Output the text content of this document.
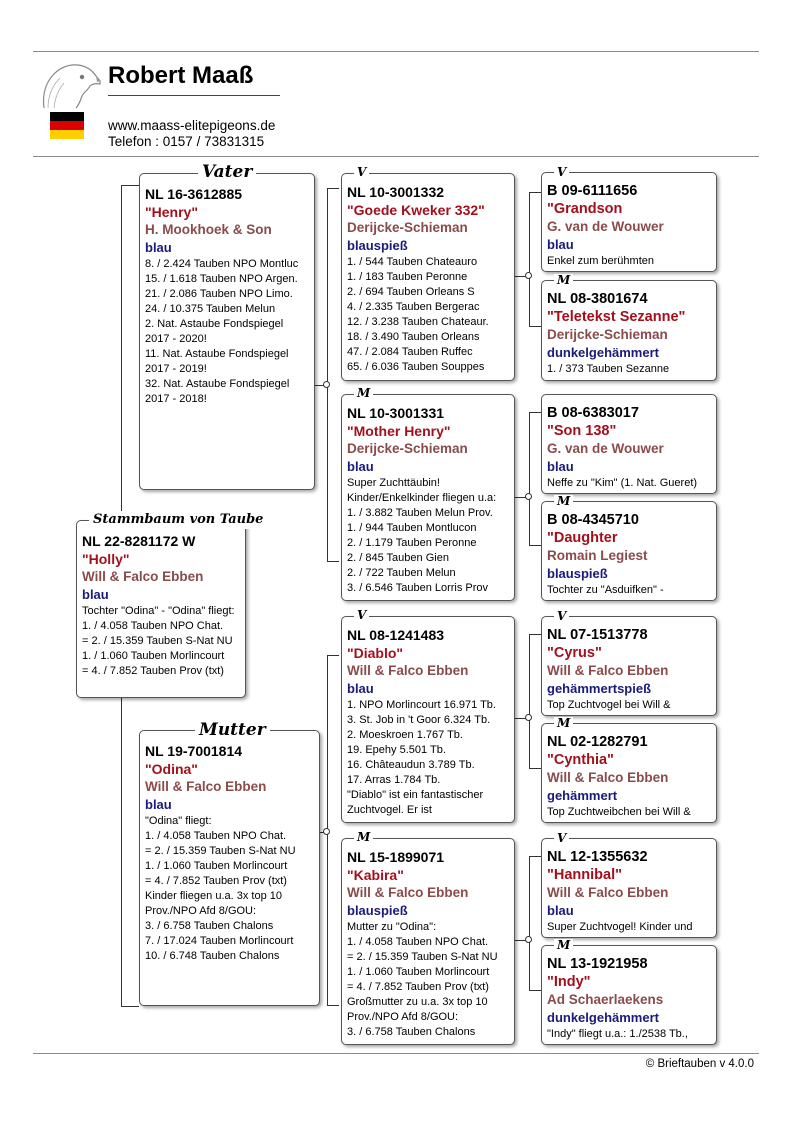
Robert Maaß
www.maass-elitepigeons.de
Telefon : 0157 / 73831315
NL 22-8281172 W
"Holly"
Will & Falco Ebben
blau
Tochter "Odina" - "Odina" fliegt:
1. / 4.058 Tauben NPO Chat.
= 2. / 15.359 Tauben S-Nat NU
1. / 1.060 Tauben Morlincourt
= 4. / 7.852 Tauben Prov (txt)
Stammbaum von Taube
NL 16-3612885
"Henry"
H. Mookhoek & Son
blau
8. / 2.424 Tauben NPO Montluc
15. / 1.618 Tauben NPO Argen.
21. / 2.086 Tauben NPO Limo.
24. / 10.375 Tauben Melun
2. Nat. Astaube Fondspiegel
2017 - 2020!
11. Nat. Astaube Fondspiegel
2017 - 2019!
32. Nat. Astaube Fondspiegel
2017 - 2018!
Vater
NL 19-7001814
"Odina"
Will & Falco Ebben
blau
"Odina" fliegt:
1. / 4.058 Tauben NPO Chat.
= 2. / 15.359 Tauben S-Nat NU
1. / 1.060 Tauben Morlincourt
= 4. / 7.852 Tauben Prov (txt)
Kinder fliegen u.a. 3x top 10
Prov./NPO Afd 8/GOU:
3. / 6.758 Tauben Chalons
7. / 17.024 Tauben Morlincourt
10. / 6.748 Tauben Chalons
Mutter
NL 10-3001332
"Goede Kweker 332"
Derijcke-Schieman
blauspieß
1. / 544 Tauben Chateauro
1. / 183 Tauben Peronne
2. / 694 Tauben Orleans S
4. / 2.335 Tauben Bergerac
12. / 3.238 Tauben Chateaur.
18. / 3.490 Tauben Orleans
47. / 2.084 Tauben Ruffec
65. / 6.036 Tauben Souppes
V
NL 10-3001331
"Mother Henry"
Derijcke-Schieman
blau
Super Zuchttäubin!
Kinder/Enkelkinder fliegen u.a:
1. / 3.882 Tauben Melun Prov.
1. / 944 Tauben Montlucon
2. / 1.179 Tauben Peronne
2. / 845 Tauben Gien
2. / 722 Tauben Melun
3. / 6.546 Tauben Lorris Prov
M
NL 08-1241483
"Diablo"
Will & Falco Ebben
blau
1. NPO Morlincourt 16.971 Tb.
3. St. Job in 't Goor 6.324 Tb.
2. Moeskroen 1.767 Tb.
19. Epehy 5.501 Tb.
16. Châteaudun 3.789 Tb.
17. Arras 1.784 Tb.
"Diablo" ist ein fantastischer
Zuchtvogel. Er ist
V
NL 15-1899071
"Kabira"
Will & Falco Ebben
blauspieß
Mutter zu "Odina":
1. / 4.058 Tauben NPO Chat.
= 2. / 15.359 Tauben S-Nat NU
1. / 1.060 Tauben Morlincourt
= 4. / 7.852 Tauben Prov (txt)
Großmutter zu u.a. 3x top 10
Prov./NPO Afd 8/GOU:
3. / 6.758 Tauben Chalons
M
B 09-6111656
"Grandson
G. van de Wouwer
blau
Enkel zum berühmten
V
NL 08-3801674
"Teletekst Sezanne"
Derijcke-Schieman
dunkelgehämmert
1. / 373 Tauben Sezanne
M
B 08-6383017
"Son 138"
G. van de Wouwer
blau
Neffe zu "Kim" (1. Nat. Gueret)
B 08-4345710
"Daughter
Romain Legiest
blauspieß
Tochter zu "Asduifken" -
M
NL 07-1513778
"Cyrus"
Will & Falco Ebben
gehämmertspieß
Top Zuchtvogel bei Will &
V
NL 02-1282791
"Cynthia"
Will & Falco Ebben
gehämmert
Top Zuchtweibchen bei Will &
M
NL 12-1355632
"Hannibal"
Will & Falco Ebben
blau
Super Zuchtvogel! Kinder und
V
NL 13-1921958
"Indy"
Ad Schaerlaekens
dunkelgehämmert
"Indy" fliegt u.a.: 1./2538 Tb.,
M
© Brieftauben v 4.0.0
